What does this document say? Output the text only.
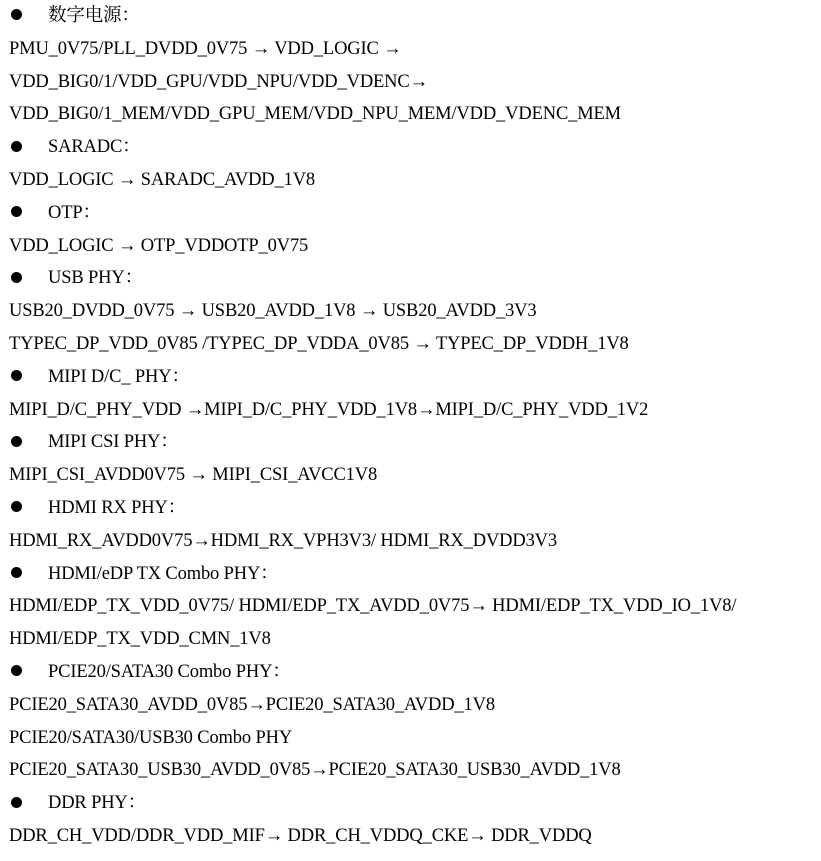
数字电源：
PMU_0V75/PLL_DVDD_0V75 → VDD_LOGIC →
VDD_BIG0/1/VDD_GPU/VDD_NPU/VDD_VDENC→
VDD_BIG0/1_MEM/VDD_GPU_MEM/VDD_NPU_MEM/VDD_VDENC_MEM
SARADC：
VDD_LOGIC → SARADC_AVDD_1V8
OTP：
VDD_LOGIC → OTP_VDDOTP_0V75
USB PHY：
USB20_DVDD_0V75 → USB20_AVDD_1V8 → USB20_AVDD_3V3
TYPEC_DP_VDD_0V85 /TYPEC_DP_VDDA_0V85 → TYPEC_DP_VDDH_1V8
MIPI D/C_ PHY：
MIPI_D/C_PHY_VDD →MIPI_D/C_PHY_VDD_1V8→MIPI_D/C_PHY_VDD_1V2
MIPI CSI PHY：
MIPI_CSI_AVDD0V75 → MIPI_CSI_AVCC1V8
HDMI RX PHY：
HDMI_RX_AVDD0V75→HDMI_RX_VPH3V3/ HDMI_RX_DVDD3V3
HDMI/eDP TX Combo PHY：
HDMI/EDP_TX_VDD_0V75/ HDMI/EDP_TX_AVDD_0V75→ HDMI/EDP_TX_VDD_IO_1V8/
HDMI/EDP_TX_VDD_CMN_1V8
PCIE20/SATA30 Combo PHY：
PCIE20_SATA30_AVDD_0V85→PCIE20_SATA30_AVDD_1V8
PCIE20/SATA30/USB30 Combo PHY
PCIE20_SATA30_USB30_AVDD_0V85→PCIE20_SATA30_USB30_AVDD_1V8
DDR PHY：
DDR_CH_VDD/DDR_VDD_MIF→ DDR_CH_VDDQ_CKE→ DDR_VDDQ
